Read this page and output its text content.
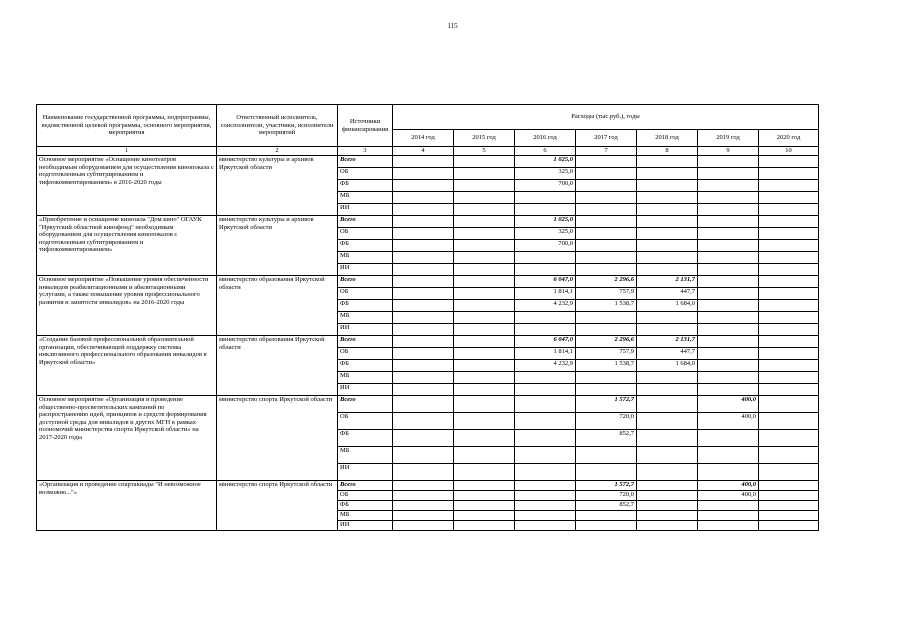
115
Наименование государственной программы, подпрограммы, ведомственной целевой программы, основного мероприятия, мероприятия	Ответственный исполнитель, соисполнители, участники, исполнители мероприятий	Источники финансирования	Расходы (тыс.руб.), годы						
			2014 год	2015 год	2016 год	2017 год	2018 год	2019 год	2020 год
1	2	3	4	5	6	7	8	9	10
Основное мероприятие «Оснащение кинотеатров необходимым оборудованием для осуществления кинопоказа с подготовленным субтитрированием и тифлокомментированием» в 2016-2020 годы	министерство культуры и архивов Иркутской области	Всего			1 025,0				
		ОБ			325,0				
		ФБ			700,0				
		МБ							
		ИИ							
«Приобретение и оснащение кинозала "Дом кино" ОГАУК "Иркутский областной кинофонд" необходимым оборудованием для осуществления кинопоказов с подготовленным субтитрированием и тифлокомментированием»	министерство культуры и архивов Иркутской области	Всего			1 025,0				
		ОБ			325,0				
		ФБ			700,0				
		МБ							
		ИИ							
Основное мероприятие «Повышение уровня обеспеченности инвалидов реабилитационными и абилитационными услугами, а также повышение уровня профессионального развития и занятости инвалидов» на 2016-2020 годы	министерство образования Иркутской области	Всего			6 047,0	2 296,6	2 131,7		
		ОБ			1 814,1	757,9	447,7		
		ФБ			4 232,9	1 538,7	1 684,0		
		МБ							
		ИИ							
«Создание базовой профессиональной образовательной организации, обеспечивающей поддержку системы инклюзивного профессионального образования инвалидов в Иркутской области»	министерство образования Иркутской области	Всего			6 047,0	2 296,6	2 131,7		
		ОБ			1 814,1	757,9	447,7		
		ФБ			4 232,9	1 538,7	1 684,0		
		МБ							
		ИИ							
Основное мероприятие «Организация и проведение общественно-просветительских кампаний по распространению идей, принципов и средств формирования доступной среды для инвалидов и других МГН в рамках полномочий министерства спорта Иркутской области» на 2017-2020 годы	министерство спорта Иркутской области	Всего				1 572,7		400,0	
		ОБ				720,0		400,0	
		ФБ				852,7			
		МБ							
		ИИ							
«Организация и проведение спартакиады "И невозможное возможно..."»	министерство спорта Иркутской области	Всего				1 572,7		400,0	
		ОБ				720,0		400,0	
		ФБ				852,7			
		МБ							
		ИИ							
